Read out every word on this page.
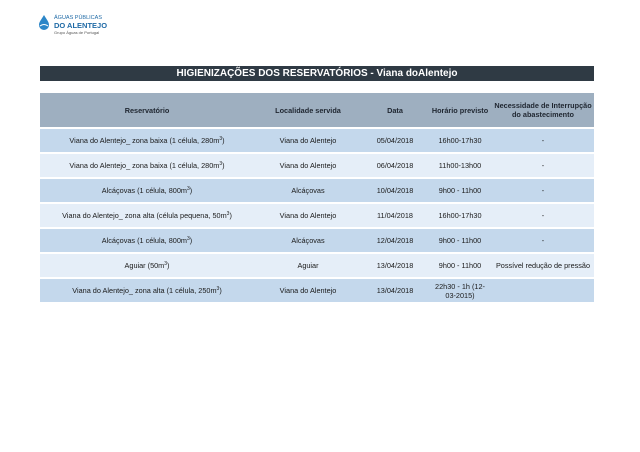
ÁGUAS PÚBLICAS
DO ALENTEJO
Grupo Águas de Portugal
HIGIENIZAÇÕES DOS RESERVATÓRIOS - Viana doAlentejo
Reservatório	Localidade servida	Data	Horário previsto	Necessidade de Interrupção do abastecimento
Viana do Alentejo_ zona baixa (1 célula, $280m^3$)	Viana do Alentejo	05/04/2018	16h00-17h30	-
Viana do Alentejo_ zona baixa (1 célula, $280m^3$)	Viana do Alentejo	06/04/2018	11h00-13h00	-
Alcáçovas (1 célula, $800m^3$)	Alcáçovas	10/04/2018	9h00 - 11h00	-
Viana do Alentejo_ zona alta (célula pequena, $50m^3$)	Viana do Alentejo	11/04/2018	16h00-17h30	-
Alcáçovas (1 célula, $800m^3$)	Alcáçovas	12/04/2018	9h00 - 11h00	-
Aguiar $(50m^3)$	Aguiar	13/04/2018	9h00 - 11h00	Possível redução de pressão
Viana do Alentejo_ zona alta (1 célula, $250m^3$)	Viana do Alentejo	13/04/2018	22h30 - 1h (12-03-2015)	
